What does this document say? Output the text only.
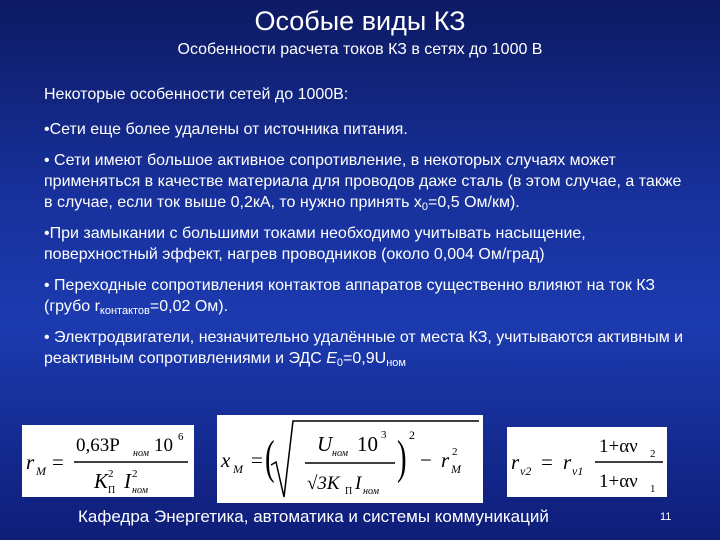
Особые виды КЗ
Особенности расчета токов КЗ в сетях до 1000 В

Некоторые особенности сетей до 1000В:

•Сети еще более удалены от источника питания.

• Сети имеют большое активное сопротивление, в некоторых случаях может применяться в качестве материала для проводов даже сталь (в этом случае, а также в случае, если ток выше 0,2кА, то нужно принять $х_0=0,5$ Ом/км).

•При замыкании с большими токами необходимо учитывать насыщение, поверхностный эффект, нагрев проводников (около 0,004 Ом/град)

• Переходные сопротивления контактов аппаратов существенно влияют на ток КЗ (грубо $r_{контактов}=0,02$ Ом).

• Электродвигатели, незначительно удалённые от места КЗ, учитываются активным и реактивным сопротивлениями и ЭДС $E_0=0,9U_{ном}$

r M =
0,63P ном 10 6
K П
2 I ном
2
x M = ( U ном 10 3
√3K П I ном
) 2
− r M
2	r ν2 = r ν1
1+αν 2
1+αν 1
Кафедра Энергетика, автоматика и системы коммуникаций	11
